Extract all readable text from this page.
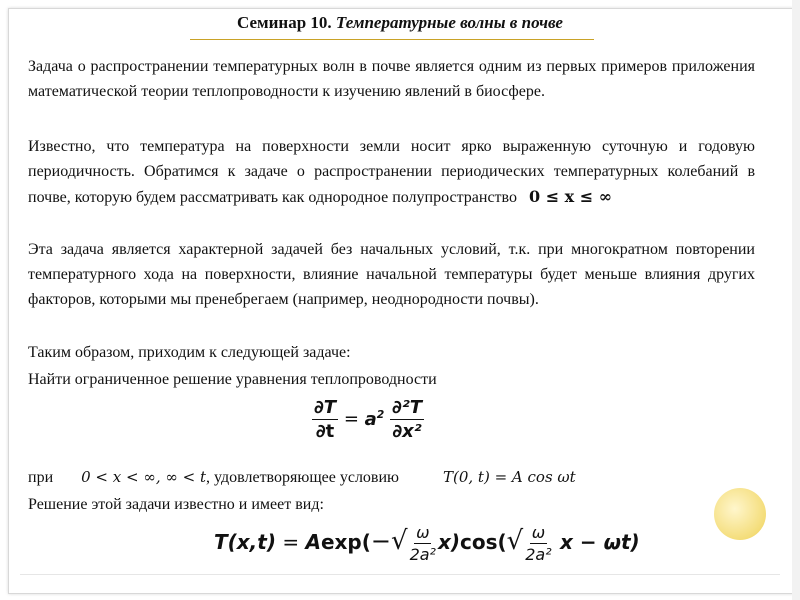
Семинар 10. Температурные волны в почве

Задача о распространении температурных волн в почве является одним из первых примеров приложения математической теории теплопроводности к изучению явлений в биосфере.

Известно, что температура на поверхности земли носит ярко выраженную суточную и годовую периодичность. Обратимся к задаче о распространении периодических температурных колебаний в почве, которую будем рассматривать как однородное полупространство 0 ≤ x ≤ ∞

Эта задача является характерной задачей без начальных условий, т.к. при многократном повторении температурного хода на поверхности, влияние начальной температуры будет меньше влияния других факторов, которыми мы пренебрегаем (например, неоднородности почвы).

Таким образом, приходим к следующей задаче:

Найти ограниченное решение уравнения теплопроводности

$\frac{\partial T}{\partial t} = a^2 \frac{\text{∂²T}}{\text{∂x²}}$
при 0 < x < ∞, ∞ < t, удовлетворяющее условию	T(0, t) = A cos ωt

Решение этой задачи известно и имеет вид:

$T(x,t) = Aexp(-√ \frac{\omega}{\text{2a²}} x)\cos(√ \frac{\omega}{\text{2a²}}$ x − ωt)
